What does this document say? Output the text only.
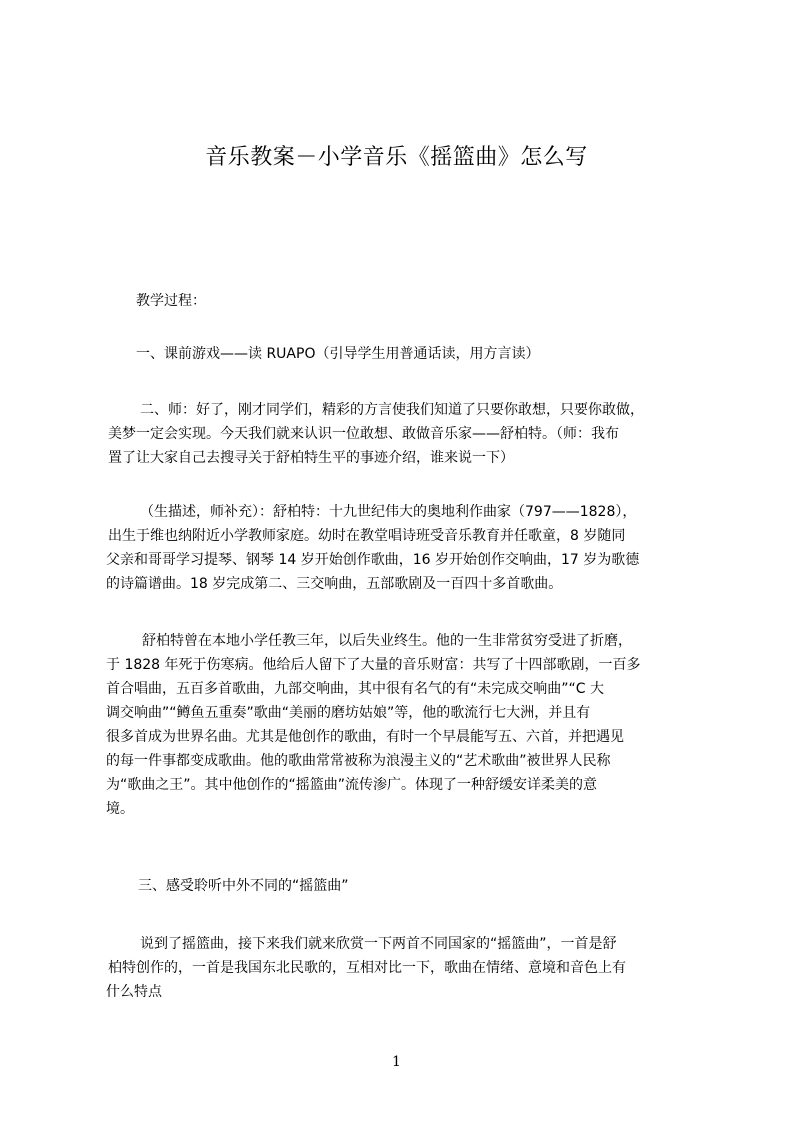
音乐教案－小学音乐《摇篮曲》怎么写
教学过程：
一、课前游戏——读 RUAPO（引导学生用普通话读，用方言读）
二、师：好了，刚才同学们，精彩的方言使我们知道了只要你敢想，只要你敢做，
美梦一定会实现。今天我们就来认识一位敢想、敢做音乐家——舒柏特。（师：我布
置了让大家自己去搜寻关于舒柏特生平的事迹介绍，谁来说一下）
（生描述，师补充）：舒柏特：十九世纪伟大的奥地利作曲家（797——1828），
出生于维也纳附近小学教师家庭。幼时在教堂唱诗班受音乐教育并任歌童，8 岁随同
父亲和哥哥学习提琴、钢琴 14 岁开始创作歌曲，16 岁开始创作交响曲，17 岁为歌德
的诗篇谱曲。18 岁完成第二、三交响曲，五部歌剧及一百四十多首歌曲。
舒柏特曾在本地小学任教三年，以后失业终生。他的一生非常贫穷受进了折磨，
于 1828 年死于伤寒病。他给后人留下了大量的音乐财富：共写了十四部歌剧，一百多
首合唱曲，五百多首歌曲，九部交响曲，其中很有名气的有“未完成交响曲”“C 大
调交响曲”“鳟鱼五重奏”歌曲“美丽的磨坊姑娘”等，他的歌流行七大洲，并且有
很多首成为世界名曲。尤其是他创作的歌曲，有时一个早晨能写五、六首，并把遇见
的每一件事都变成歌曲。他的歌曲常常被称为浪漫主义的“艺术歌曲”被世界人民称
为“歌曲之王”。其中他创作的“摇篮曲”流传渗广。体现了一种舒缓安详柔美的意
境。
三、感受聆听中外不同的“摇篮曲”
说到了摇篮曲，接下来我们就来欣赏一下两首不同国家的“摇篮曲”，一首是舒
柏特创作的，一首是我国东北民歌的，互相对比一下，歌曲在情绪、意境和音色上有
什么特点
1
